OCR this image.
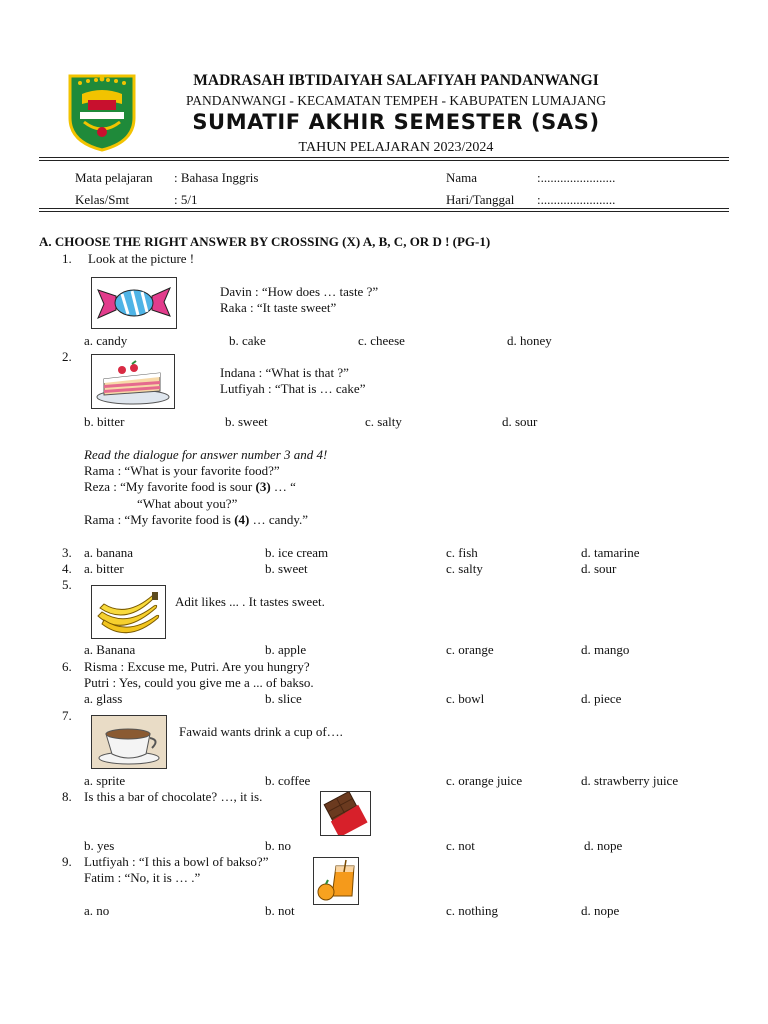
MADRASAH IBTIDAIYAH SALAFIYAH PANDANWANGI
PANDANWANGI - KECAMATAN TEMPEH - KABUPATEN LUMAJANG
SUMATIF AKHIR SEMESTER (SAS)
TAHUN PELAJARAN 2023/2024
Mata pelajaran : Bahasa Inggris	Nama	:.......................
Kelas/Smt	: 5/1	Hari/Tanggal :.......................
A. CHOOSE THE RIGHT ANSWER BY CROSSING (X) A, B, C, OR D ! (PG-1)
1. Look at the picture !
Davin : “How does … taste ?”
Raka : “It taste sweet”
a. candy	b. cake	c. cheese	d. honey
2.
Indana : “What is that ?”
Lutfiyah : “That is … cake”
b. bitter	b. sweet	c. salty	d. sour
Read the dialogue for answer number 3 and 4!
Rama : “What is your favorite food?”
Reza : “My favorite food is sour (3) … “
“What about you?”
Rama : “My favorite food is (4) … candy.”
3. a. banana	b. ice cream	c. fish	d. tamarine
4. a. bitter	b. sweet	c. salty	d. sour
5.
Adit likes ... . It tastes sweet.
a. Banana	b. apple	c. orange	d. mango
6. Risma : Excuse me, Putri. Are you hungry?
Putri : Yes, could you give me a ... of bakso.
a. glass	b. slice	c. bowl	d. piece
7.
Fawaid wants drink a cup of….
a. sprite	b. coffee	c. orange juice	d. strawberry juice
8. Is this a bar of chocolate? …, it is.
b. yes	b. no	c. not	d. nope
9. Lutfiyah : “I this a bowl of bakso?”
Fatim : “No, it is … .”
a. no	b. not	c. nothing	d. nope
